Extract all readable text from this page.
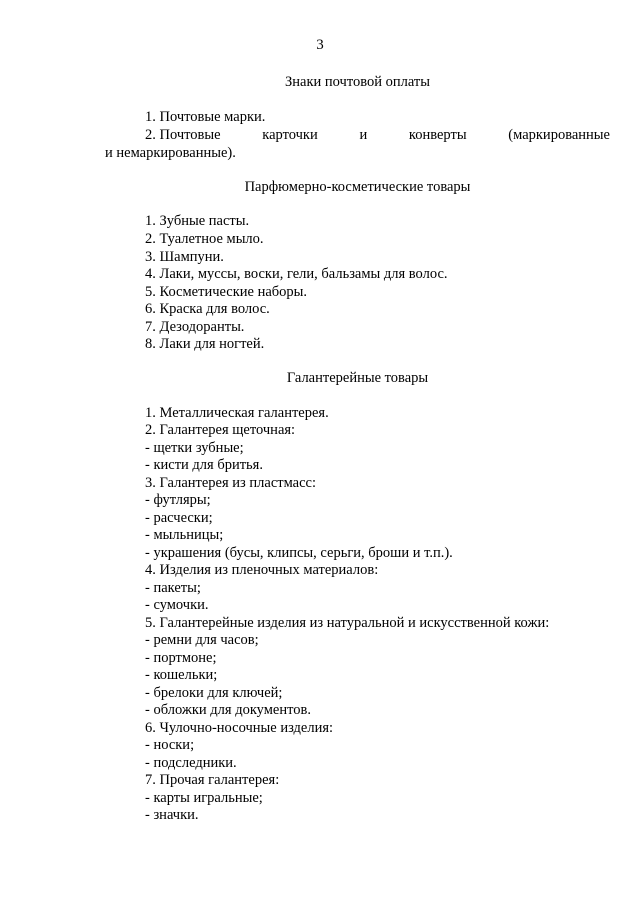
3
Знаки почтовой оплаты
1. Почтовые марки.
2. Почтовые	карточки	и	конверты	(маркированные
и немаркированные).
Парфюмерно-косметические товары
1. Зубные пасты.
2. Туалетное мыло.
3. Шампуни.
4. Лаки, муссы, воски, гели, бальзамы для волос.
5. Косметические наборы.
6. Краска для волос.
7. Дезодоранты.
8. Лаки для ногтей.
Галантерейные товары
1. Металлическая галантерея.
2. Галантерея щеточная:
- щетки зубные;
- кисти для бритья.
3. Галантерея из пластмасс:
- футляры;
- расчески;
- мыльницы;
- украшения (бусы, клипсы, серьги, броши и т.п.).
4. Изделия из пленочных материалов:
- пакеты;
- сумочки.
5. Галантерейные изделия из натуральной и искусственной кожи:
- ремни для часов;
- портмоне;
- кошельки;
- брелоки для ключей;
- обложки для документов.
6. Чулочно-носочные изделия:
- носки;
- подследники.
7. Прочая галантерея:
- карты игральные;
- значки.
